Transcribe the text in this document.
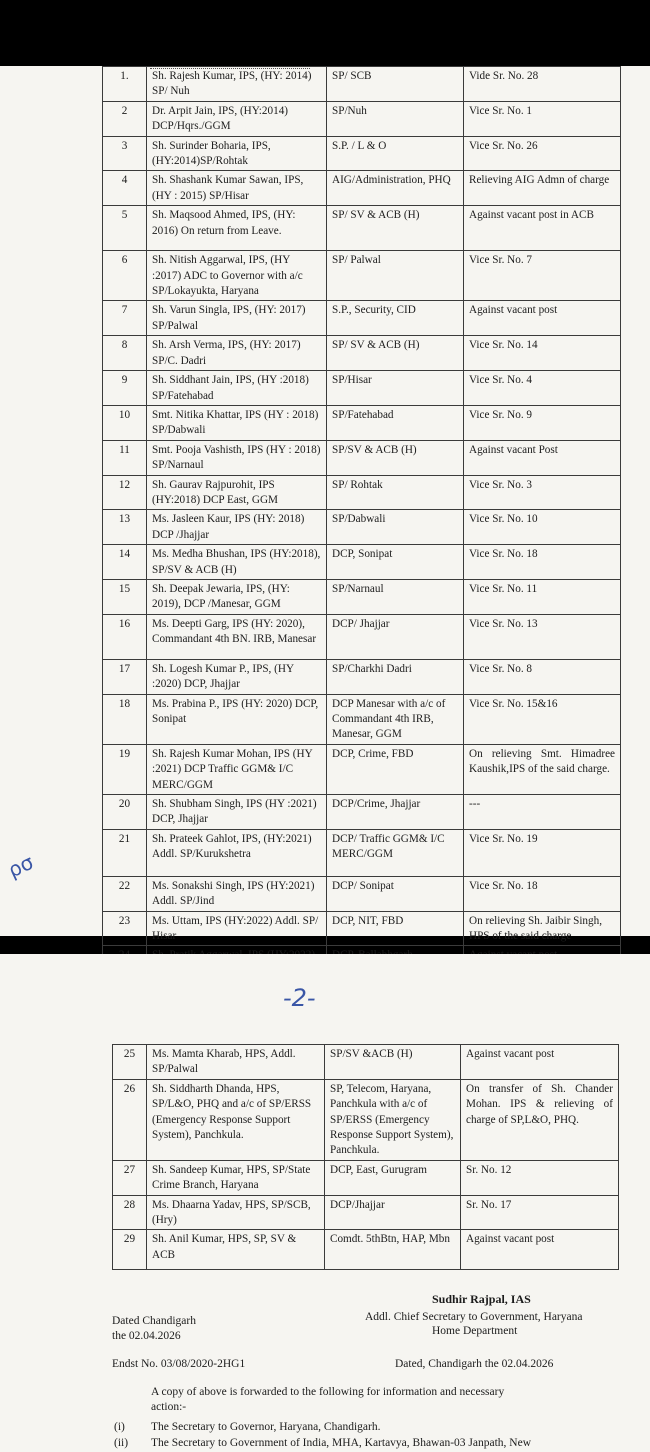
1.	Sh. Rajesh Kumar, IPS, (HY: 2014) SP/ Nuh	SP/ SCB	Vide Sr. No. 28
2	Dr. Arpit Jain, IPS, (HY:2014) DCP/Hqrs./GGM	SP/Nuh	Vice Sr. No. 1
3	Sh. Surinder Boharia, IPS, (HY:2014)SP/Rohtak	S.P. / L & O	Vice Sr. No. 26
4	Sh. Shashank Kumar Sawan, IPS, (HY : 2015) SP/Hisar	AIG/Administration, PHQ	Relieving AIG Admn of charge
5	Sh. Maqsood Ahmed, IPS, (HY: 2016) On return from Leave.	SP/ SV & ACB (H)	Against vacant post in ACB
6	Sh. Nitish Aggarwal, IPS, (HY :2017) ADC to Governor with a/c SP/Lokayukta, Haryana	SP/ Palwal	Vice Sr. No. 7
7	Sh. Varun Singla, IPS, (HY: 2017) SP/Palwal	S.P., Security, CID	Against vacant post
8	Sh. Arsh Verma, IPS, (HY: 2017) SP/C. Dadri	SP/ SV & ACB (H)	Vice Sr. No. 14
9	Sh. Siddhant Jain, IPS, (HY :2018) SP/Fatehabad	SP/Hisar	Vice Sr. No. 4
10	Smt. Nitika Khattar, IPS (HY : 2018) SP/Dabwali	SP/Fatehabad	Vice Sr. No. 9
11	Smt. Pooja Vashisth, IPS (HY : 2018) SP/Narnaul	SP/SV & ACB (H)	Against vacant Post
12	Sh. Gaurav Rajpurohit, IPS (HY:2018) DCP East, GGM	SP/ Rohtak	Vice Sr. No. 3
13	Ms. Jasleen Kaur, IPS (HY: 2018) DCP /Jhajjar	SP/Dabwali	Vice Sr. No. 10
14	Ms. Medha Bhushan, IPS (HY:2018), SP/SV & ACB (H)	DCP, Sonipat	Vice Sr. No. 18
15	Sh. Deepak Jewaria, IPS, (HY: 2019), DCP /Manesar, GGM	SP/Narnaul	Vice Sr. No. 11
16	Ms. Deepti Garg, IPS (HY: 2020), Commandant 4th BN. IRB, Manesar	DCP/ Jhajjar	Vice Sr. No. 13
17	Sh. Logesh Kumar P., IPS, (HY :2020) DCP, Jhajjar	SP/Charkhi Dadri	Vice Sr. No. 8
18	Ms. Prabina P., IPS (HY: 2020) DCP, Sonipat	DCP Manesar with a/c of Commandant 4th IRB, Manesar, GGM	Vice Sr. No. 15&16
19	Sh. Rajesh Kumar Mohan, IPS (HY :2021) DCP Traffic GGM& I/C MERC/GGM	DCP, Crime, FBD	On relieving Smt. Himadree Kaushik,IPS of the said charge.
20	Sh. Shubham Singh, IPS (HY :2021) DCP, Jhajjar	DCP/Crime, Jhajjar	---
21	Sh. Prateek Gahlot, IPS, (HY:2021) Addl. SP/Kurukshetra	DCP/ Traffic GGM& I/C MERC/GGM	Vice Sr. No. 19
22	Ms. Sonakshi Singh, IPS (HY:2021) Addl. SP/Jind	DCP/ Sonipat	Vice Sr. No. 18
23	Ms. Uttam, IPS (HY:2022) Addl. SP/ Hisar	DCP, NIT, FBD	On relieving Sh. Jaibir Singh, HPS of the said charge

ρσ
-2-
25	Ms. Mamta Kharab, HPS, Addl. SP/Palwal	SP/SV &ACB (H)	Against vacant post
26	Sh. Siddharth Dhanda, HPS, SP/L&O, PHQ and a/c of SP/ERSS (Emergency Response Support System), Panchkula.	SP, Telecom, Haryana, Panchkula with a/c of SP/ERSS (Emergency Response Support System), Panchkula.	On transfer of Sh. Chander Mohan. IPS & relieving of charge of SP,L&O, PHQ.
27	Sh. Sandeep Kumar, HPS, SP/State Crime Branch, Haryana	DCP, East, Gurugram	Sr. No. 12
28	Ms. Dhaarna Yadav, HPS, SP/SCB, (Hry)	DCP/Jhajjar	Sr. No. 17
29	Sh. Anil Kumar, HPS, SP, SV & ACB	Comdt. 5thBtn, HAP, Mbn	Against vacant post
Sudhir Rajpal, IAS
Addl. Chief Secretary to Government, Haryana
Home Department
Dated Chandigarh
the 02.04.2026
Endst No. 03/08/2020-2HG1	Dated, Chandigarh the 02.04.2026
A copy of above is forwarded to the following for information and necessary
action:-
(i) The Secretary to Governor, Haryana, Chandigarh.
(ii) The Secretary to Government of India, MHA, Kartavya, Bhawan-03 Janpath, New
